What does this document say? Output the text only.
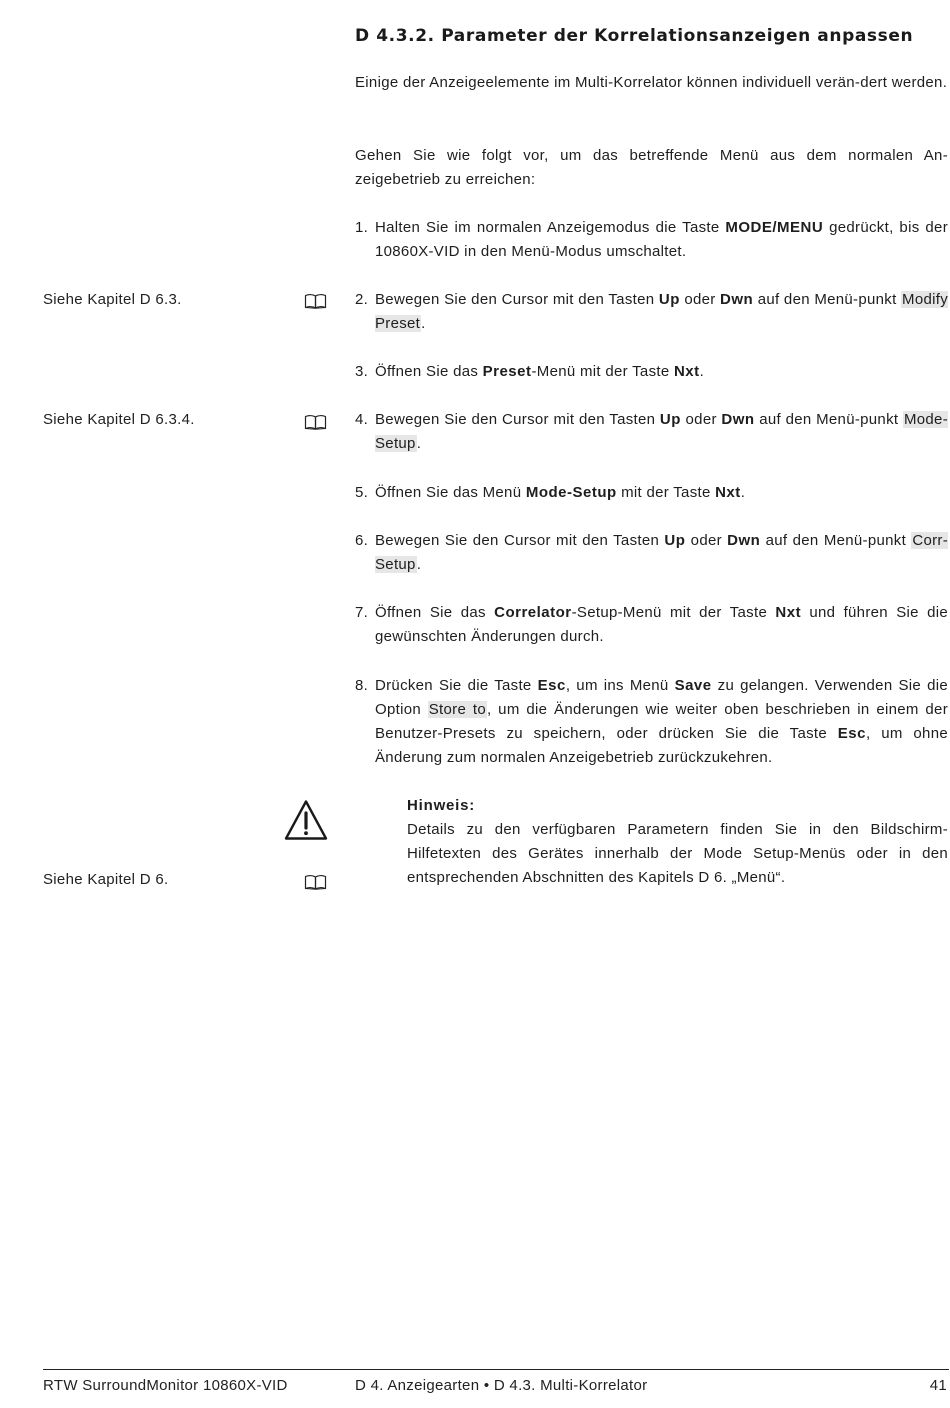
D 4.3.2. Parameter der Korrelationsanzeigen anpassen

Einige der Anzeigeelemente im Multi-Korrelator können individuell verän-dert werden.

Gehen Sie wie folgt vor, um das betreffende Menü aus dem normalen An-zeigebetrieb zu erreichen:

1. Halten Sie im normalen Anzeigemodus die Taste MODE/MENU gedrückt, bis der 10860X-VID in den Menü-Modus umschaltet.
2. Bewegen Sie den Cursor mit den Tasten Up oder Dwn auf den Menü-punkt Modify Preset.
3. Öffnen Sie das Preset-Menü mit der Taste Nxt.
4. Bewegen Sie den Cursor mit den Tasten Up oder Dwn auf den Menü-punkt Mode-Setup.
5. Öffnen Sie das Menü Mode-Setup mit der Taste Nxt.
6. Bewegen Sie den Cursor mit den Tasten Up oder Dwn auf den Menü-punkt Corr-Setup.
7. Öffnen Sie das Correlator-Setup-Menü mit der Taste Nxt und führen Sie die gewünschten Änderungen durch.
8. Drücken Sie die Taste Esc, um ins Menü Save zu gelangen. Verwenden Sie die Option Store to, um die Änderungen wie weiter oben beschrieben in einem der Benutzer-Presets zu speichern, oder drücken Sie die Taste Esc, um ohne Änderung zum normalen Anzeigebetrieb zurückzukehren.
Siehe Kapitel D 6.3.
Siehe Kapitel D 6.3.4.
Hinweis:
Details zu den verfügbaren Parametern finden Sie in den Bildschirm-Hilfetexten des Gerätes innerhalb der Mode Setup-Menüs oder in den entsprechenden Abschnitten des Kapitels D 6. „Menü“.
Siehe Kapitel D 6.
RTW SurroundMonitor 10860X-VID	D 4. Anzeigearten • D 4.3. Multi-Korrelator	41
